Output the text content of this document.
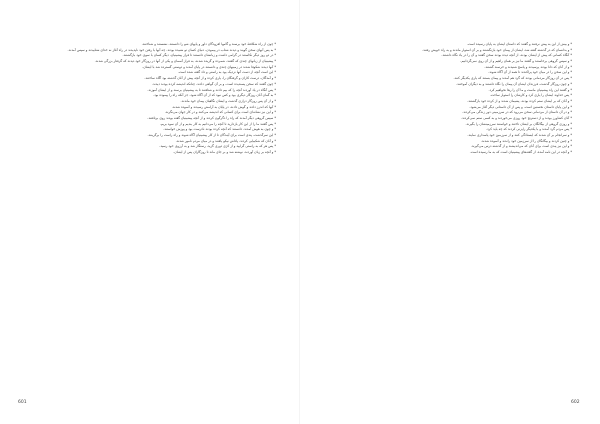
* چون از راه شکافتهٔ خود برسند و گامها افزودگان داور و پایهای شو را دانستند، نشستند و شناختند.

* به پس آنهای سخن گویند و دیدند شتاب در پیمودن، دنیای کسان تو شنیده بودند. چه آنها با رفتن خود ناپدیدند در راه آغاز نه خدای شتابیدند و سپس آمدند.

* در دو روز دیگر نکاستند در گرامی داشت و زبانشان دانستند تا فراز پیشینیان، دیگر کسان با سوی خود بازگشتند.

* پیشینیان از زبانهای چندی که گفتند، شمرده و گزیده شدند، به فراز آسمان و یکی از آنها در روزگار خود دیدند که گرفتار بزرگی شدند.

* آنها دیدند شکوفا شدند در زمینهای چندی و دانستند در پایان آمدند و دوستی گسترده شد با ایشان.

* این است آنچه از دست آنها نزدیک بود به راستی و داد گفته شده است.

* و آمدگان، درست کاران و گرفتگان را، یاری کرده و از آنچه پیش از آنان گذشته بود آگاه ساختند.

* چون گفتند که سخن پسندیده است، و بر آن گواهی دادند، چنانکه اندیشه کرده بودند دیدند.

* پس آنگاه در یاد آوردند آنچه را که بیم دادند و شتافتند تا به پیشینیان برسند و از ایشان آموزند.

* به گمان آنان روزگار دیگری بود و کس نبود که از آن آگاه شود، جز آنکه راه را پیموده بود.

* و از آن پس روزگار درازی گذشت و ایشان نگاهبان پیمان خود ماندند.

* آنها که اندرز دادند و گوش دادند، در پایان به آرامش رسیدند و آسوده شدند.

* و این نیز نشانه‌ای است برای کسانی که اندیشه می‌کنند و در کار جهان می‌نگرند.

* سپس گروهی دیگر آمدند که راه را دگرگون کردند و از آنچه پیشینیان گفته بودند روی برتافتند.

* پس گفتند ما را از این کار بازدارید تا آنچه را می‌دانیم به کار بندیم و از آن سود بریم.

* و چون به هوش آمدند، دانستند که آنچه کرده بودند نادرست بود و پوزش خواستند.

* این سرگذشت، پندی است برای آیندگان تا از کار پیشینیان آگاه شوند و راه راست را برگزینند.

* و آنان که شکیبایی کردند، پاداش نیکو یافتند و در میان مردم نامور شدند.

* پس هر که به راستی گرایید و از کژی دوری گزید، رستگار شد و به آرزوی خود رسید.

* و آنچه بر زبان آوردند، نوشته شد و بر جای ماند تا روزگاران پس از ایشان.

601

* و بیش از این به پیش نرفتند و گفتند که داستان ایشان به پایان رسیده است.

* و بدانسان که در گذشته گفته شد، ایشان از پیمان خود بازنگشتند و بر آن استوار ماندند و به راه خویش رفتند.

* آنگاه کسانی که پیش از ایشان بودند، از آنچه دیده بودند سخن گفتند و آن را در یاد نگاه داشتند.

* و سپس گروهی برخاستند و گفتند ما نیز بر همان راهیم و از آن روی نمی‌گردانیم.

* و از آنان که دانا بودند پرسیدند و پاسخ شنیدند و خرسند گشتند.

* و این سخن را در میان خود پراکندند تا همه از آن آگاه شوند.

* پس در آن روزگار مردمانی بودند که گرد هم آمدند و پیمان بستند که یاری یکدیگر کنند.

* و چون روزگار گذشت، فرزندان ایشان آن پیمان را نگاه داشتند و به دیگران آموختند.

* و گفتند این راه پیشینیان ماست و ما آن را رها نخواهیم کرد.

* پس خداوند ایشان را یاری کرد و کارشان را استوار ساخت.

* و آنان که بر ایشان ستم کرده بودند، پشیمان شدند و از کرده خود بازگشتند.

* و این پایان داستان نخستین است، و پس از آن داستانی دیگر آغاز می‌شود.

* و در آن داستان از مردمانی سخن می‌رود که در سرزمینی دور زندگی می‌کردند.

* آنان کشاورز بودند و از دسترنج خود روزی می‌خوردند و به کسی ستم نمی‌کردند.

* و روزی گروهی از بیگانگان بر ایشان تاختند و خواستند سرزمینشان را بگیرند.

* پس مردم گرد آمدند و با یکدیگر رایزنی کردند که چه باید کرد.

* و سرانجام بر آن شدند که ایستادگی کنند و از سرزمین خود پاسداری نمایند.

* و چنین کردند و بیگانگان را از سرزمین خود راندند و آسوده شدند.

* و این نیز پندی است برای آنان که می‌اندیشند و از گذشته درس می‌گیرند.

* و آنچه در این نامه آمده، از گفته‌های پیشینیان است که به ما رسیده است.

602
